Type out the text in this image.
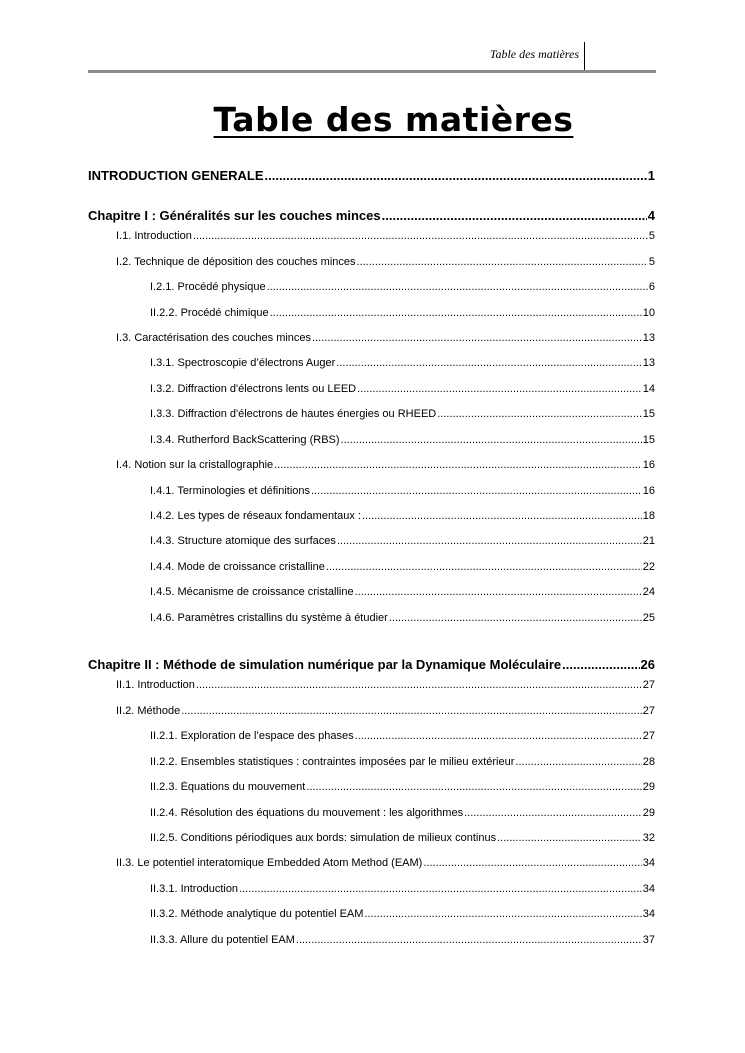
Table des matières
Table des matières
INTRODUCTION GENERALE .....	1
Chapitre I : Généralités sur les couches minces .....	4
I.1. Introduction .....	5
I.2. Technique de déposition des couches minces .....	5
I.2.1. Procédé physique .....	6
II.2.2. Procédé chimique .....	10
I.3. Caractérisation des couches minces .....	13
I.3.1. Spectroscopie d’électrons Auger .....	13
I.3.2. Diffraction d'électrons lents ou LEED .....	14
I.3.3. Diffraction d'électrons de hautes énergies ou RHEED .....	15
I.3.4. Rutherford BackScattering (RBS) .....	15
I.4. Notion sur la cristallographie .....	16
I.4.1. Terminologies et définitions .....	16
I.4.2. Les types de réseaux fondamentaux : .....	18
I.4.3. Structure atomique des surfaces .....	21
I.4.4. Mode de croissance cristalline .....	22
I.4.5. Mécanisme de croissance cristalline .....	24
I.4.6. Paramètres cristallins du système à étudier .....	25
Chapitre II : Méthode de simulation numérique par la Dynamique Moléculaire .....	26
II.1. Introduction .....	27
II.2. Méthode .....	27
II.2.1. Exploration de l’espace des phases .....	27
II.2.2. Ensembles statistiques : contraintes imposées par le milieu extérieur .....	28
II.2.3. Équations du mouvement .....	29
II.2.4. Résolution des équations du mouvement : les algorithmes .....	29
II.2.5. Conditions périodiques aux bords: simulation de milieux continus .....	32
II.3. Le potentiel interatomique Embedded Atom Method (EAM) .....	34
II.3.1. Introduction .....	34
II.3.2. Méthode analytique du potentiel EAM .....	34
II.3.3. Allure du potentiel EAM .....	37
